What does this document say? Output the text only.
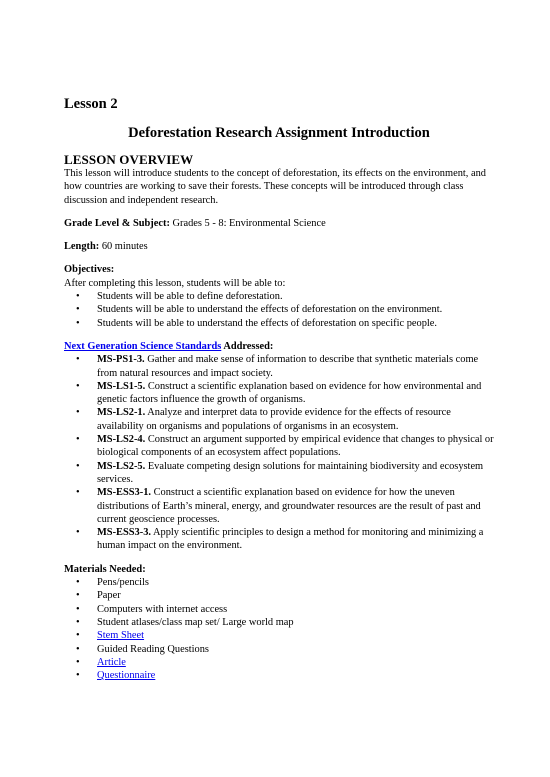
Lesson 2

Deforestation Research Assignment Introduction

LESSON OVERVIEW

This lesson will introduce students to the concept of deforestation, its effects on the environment, and how countries are working to save their forests. These concepts will be introduced through class discussion and independent research.

Grade Level & Subject: Grades 5 - 8: Environmental Science

Length: 60 minutes

Objectives:

After completing this lesson, students will be able to:

• Students will be able to define deforestation.
• Students will be able to understand the effects of deforestation on the environment.
• Students will be able to understand the effects of deforestation on specific people.

Next Generation Science Standards Addressed:

• MS-PS1-3. Gather and make sense of information to describe that synthetic materials come from natural resources and impact society.
• MS-LS1-5. Construct a scientific explanation based on evidence for how environmental and genetic factors influence the growth of organisms.
• MS-LS2-1. Analyze and interpret data to provide evidence for the effects of resource availability on organisms and populations of organisms in an ecosystem.
• MS-LS2-4. Construct an argument supported by empirical evidence that changes to physical or biological components of an ecosystem affect populations.
• MS-LS2-5. Evaluate competing design solutions for maintaining biodiversity and ecosystem services.
• MS-ESS3-1. Construct a scientific explanation based on evidence for how the uneven distributions of Earth’s mineral, energy, and groundwater resources are the result of past and current geoscience processes.
• MS-ESS3-3. Apply scientific principles to design a method for monitoring and minimizing a human impact on the environment.

Materials Needed:

• Pens/pencils
• Paper
• Computers with internet access
• Student atlases/class map set/ Large world map
• Stem Sheet
• Guided Reading Questions
• Article
• Questionnaire
